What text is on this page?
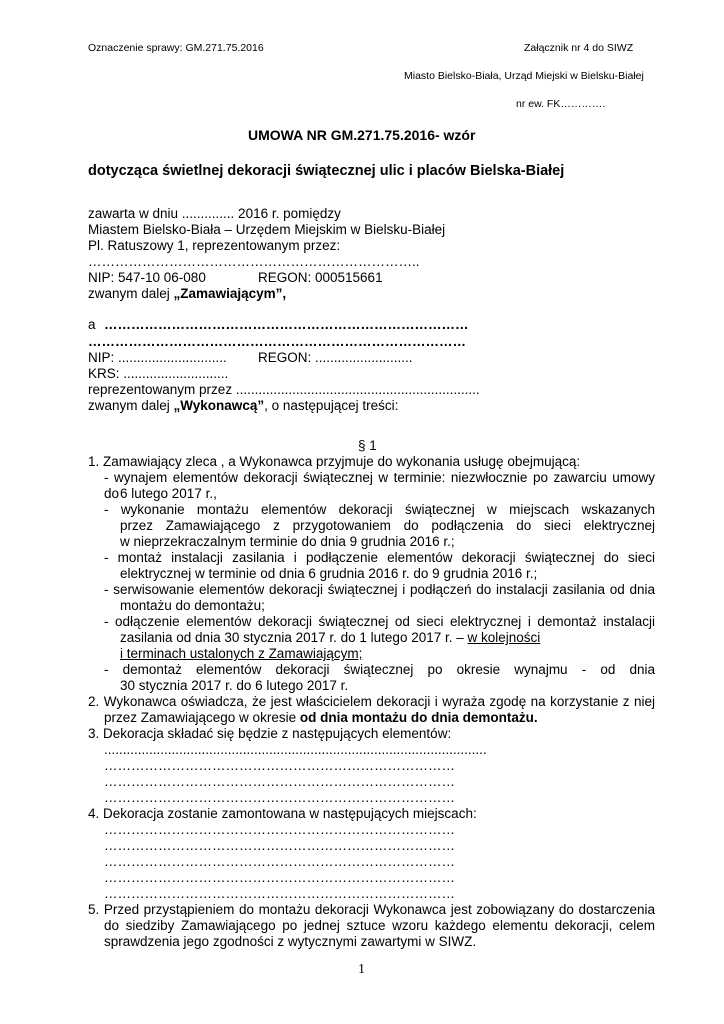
Oznaczenie sprawy: GM.271.75.2016	Załącznik nr 4 do SIWZ
Miasto Bielsko-Biała, Urząd Miejski w Bielsku-Białej
nr ew. FK………….
UMOWA NR GM.271.75.2016- wzór
dotycząca świetlnej dekoracji świątecznej ulic i placów Bielska-Białej
zawarta w dniu .............. 2016 r. pomiędzy
Miastem Bielsko-Biała – Urzędem Miejskim w Bielsku-Białej
Pl. Ratuszowy 1, reprezentowanym przez:
………………………………………………………………..
NIP: 547-10 06-080	REGON: 000515661
zwanym dalej „Zamawiającym”,
a ………………………………………………………………………
…………………………………………………………………………
NIP: ............................. REGON: ..........................
KRS: ............................
reprezentowanym przez .................................................................
zwanym dalej „Wykonawcą”, o następującej treści:
§ 1
1. Zamawiający zleca , a Wykonawca przyjmuje do wykonania usługę obejmującą:
- wynajem elementów dekoracji świątecznej w terminie: niezwłocznie po zawarciu umowy do 6 lutego 2017 r.,
- wykonanie montażu elementów dekoracji świątecznej w miejscach wskazanych
przez Zamawiającego z przygotowaniem do podłączenia do sieci elektrycznej
w nieprzekraczalnym terminie do dnia 9 grudnia 2016 r.;
- montaż instalacji zasilania i podłączenie elementów dekoracji świątecznej do sieci
elektrycznej w terminie od dnia 6 grudnia 2016 r. do 9 grudnia 2016 r.;
- serwisowanie elementów dekoracji świątecznej i podłączeń do instalacji zasilania od dnia
montażu do demontażu;
- odłączenie elementów dekoracji świątecznej od sieci elektrycznej i demontaż instalacji
zasilania od dnia 30 stycznia 2017 r. do 1 lutego 2017 r. – w kolejności
i terminach ustalonych z Zamawiającym;
- demontaż elementów dekoracji świątecznej po okresie wynajmu - od dnia
30 stycznia 2017 r. do 6 lutego 2017 r.
2. Wykonawca oświadcza, że jest właścicielem dekoracji i wyraża zgodę na korzystanie z niej
przez Zamawiającego w okresie od dnia montażu do dnia demontażu.
3. Dekoracja składać się będzie z następujących elementów:
......................................................................................................
……………………………………………………………………
……………………………………………………………………
……………………………………………………………………
4. Dekoracja zostanie zamontowana w następujących miejscach:
……………………………………………………………………
……………………………………………………………………
……………………………………………………………………
……………………………………………………………………
……………………………………………………………………
5. Przed przystąpieniem do montażu dekoracji Wykonawca jest zobowiązany do dostarczenia
do siedziby Zamawiającego po jednej sztuce wzoru każdego elementu dekoracji, celem
sprawdzenia jego zgodności z wytycznymi zawartymi w SIWZ.
1
